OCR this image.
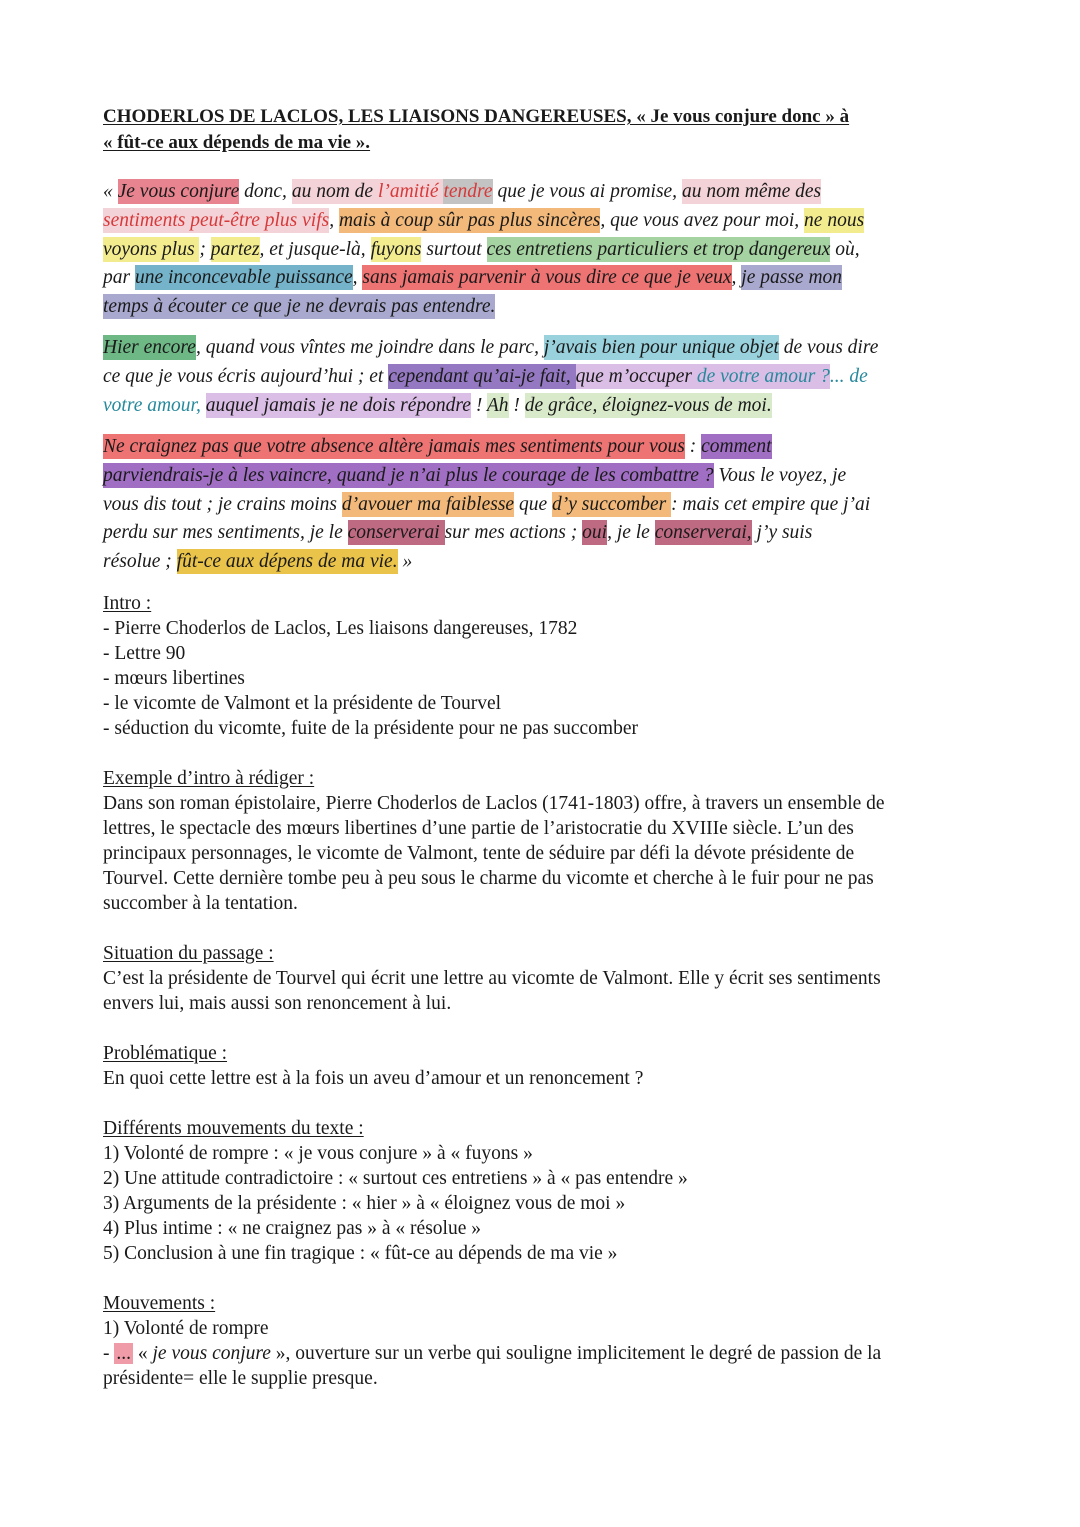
CHODERLOS DE LACLOS, LES LIAISONS DANGEREUSES, « Je vous conjure donc » à
« fût-ce aux dépends de ma vie ».
« Je vous conjure donc, au nom de l’amitié tendre que je vous ai promise, au nom même des
sentiments peut-être plus vifs, mais à coup sûr pas plus sincères, que vous avez pour moi, ne nous
voyons plus ; partez, et jusque-là, fuyons surtout ces entretiens particuliers et trop dangereux où,
par une inconcevable puissance, sans jamais parvenir à vous dire ce que je veux, je passe mon
temps à écouter ce que je ne devrais pas entendre.
Hier encore, quand vous vîntes me joindre dans le parc, j’avais bien pour unique objet de vous dire
ce que je vous écris aujourd’hui ; et cependant qu’ai-je fait, que m’occuper de votre amour ?... de
votre amour, auquel jamais je ne dois répondre ! Ah ! de grâce, éloignez-vous de moi.
Ne craignez pas que votre absence altère jamais mes sentiments pour vous : comment
parviendrais-je à les vaincre, quand je n’ai plus le courage de les combattre ? Vous le voyez, je
vous dis tout ; je crains moins d’avouer ma faiblesse que d’y succomber : mais cet empire que j’ai
perdu sur mes sentiments, je le conserverai sur mes actions ; oui, je le conserverai, j’y suis
résolue ; fût-ce aux dépens de ma vie. »
Intro :
- Pierre Choderlos de Laclos, Les liaisons dangereuses, 1782
- Lettre 90
- mœurs libertines
- le vicomte de Valmont et la présidente de Tourvel
- séduction du vicomte, fuite de la présidente pour ne pas succomber
Exemple d’intro à rédiger :
Dans son roman épistolaire, Pierre Choderlos de Laclos (1741-1803) offre, à travers un ensemble de
lettres, le spectacle des mœurs libertines d’une partie de l’aristocratie du XVIIIe siècle. L’un des
principaux personnages, le vicomte de Valmont, tente de séduire par défi la dévote présidente de
Tourvel. Cette dernière tombe peu à peu sous le charme du vicomte et cherche à le fuir pour ne pas
succomber à la tentation.
Situation du passage :
C’est la présidente de Tourvel qui écrit une lettre au vicomte de Valmont. Elle y écrit ses sentiments
envers lui, mais aussi son renoncement à lui.
Problématique :
En quoi cette lettre est à la fois un aveu d’amour et un renoncement ?
Différents mouvements du texte :
1) Volonté de rompre : « je vous conjure » à « fuyons »
2) Une attitude contradictoire : « surtout ces entretiens » à « pas entendre »
3) Arguments de la présidente : « hier » à « éloignez vous de moi »
4) Plus intime : « ne craignez pas » à « résolue »
5) Conclusion à une fin tragique : « fût-ce au dépends de ma vie »
Mouvements :
1) Volonté de rompre
- ... « je vous conjure », ouverture sur un verbe qui souligne implicitement le degré de passion de la
présidente= elle le supplie presque.
